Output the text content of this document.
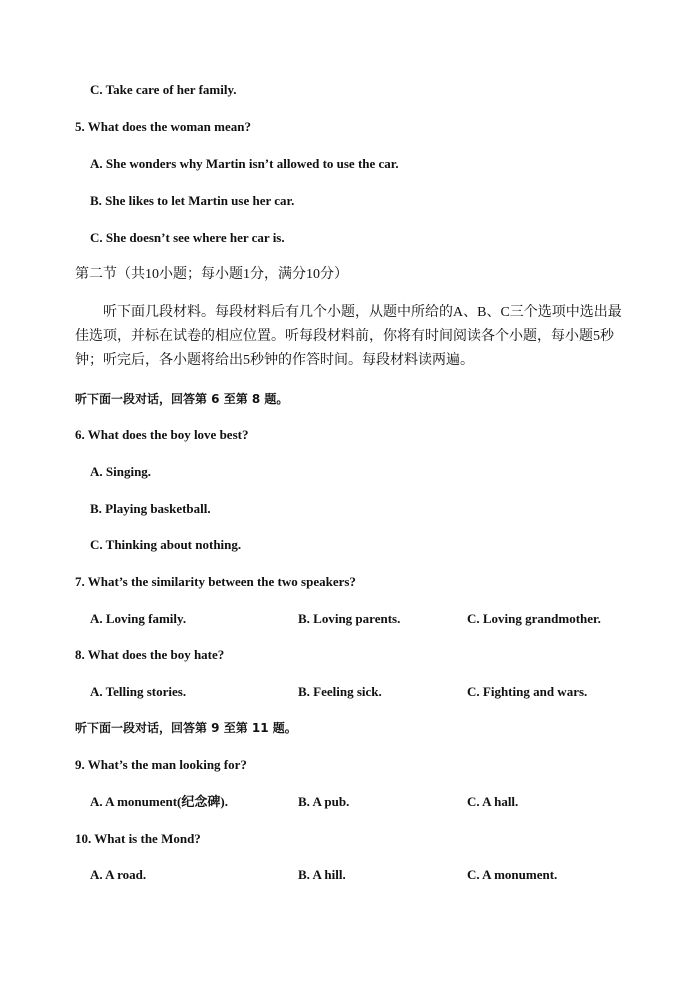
C. Take care of her family.
5. What does the woman mean?
A. She wonders why Martin isn’t allowed to use the car.
B. She likes to let Martin use her car.
C. She doesn’t see where her car is.
第二节（共10小题；每小题1分，满分10分）
听下面几段材料。每段材料后有几个小题，从题中所给的A、B、C三个选项中选出最佳选项，并标在试卷的相应位置。听每段材料前，你将有时间阅读各个小题，每小题5秒钟；听完后，各小题将给出5秒钟的作答时间。每段材料读两遍。
听下面一段对话，回答第 6 至第 8 题。
6. What does the boy love best?
A. Singing.
B. Playing basketball.
C. Thinking about nothing.
7. What’s the similarity between the two speakers?
A. Loving family.	B. Loving parents.	C. Loving grandmother.
8. What does the boy hate?
A. Telling stories.	B. Feeling sick.	C. Fighting and wars.
听下面一段对话，回答第 9 至第 11 题。
9. What’s the man looking for?
A. A monument(纪念碑).	B. A pub.	C. A hall.
10. What is the Mond?
A. A road.	B. A hill.	C. A monument.
